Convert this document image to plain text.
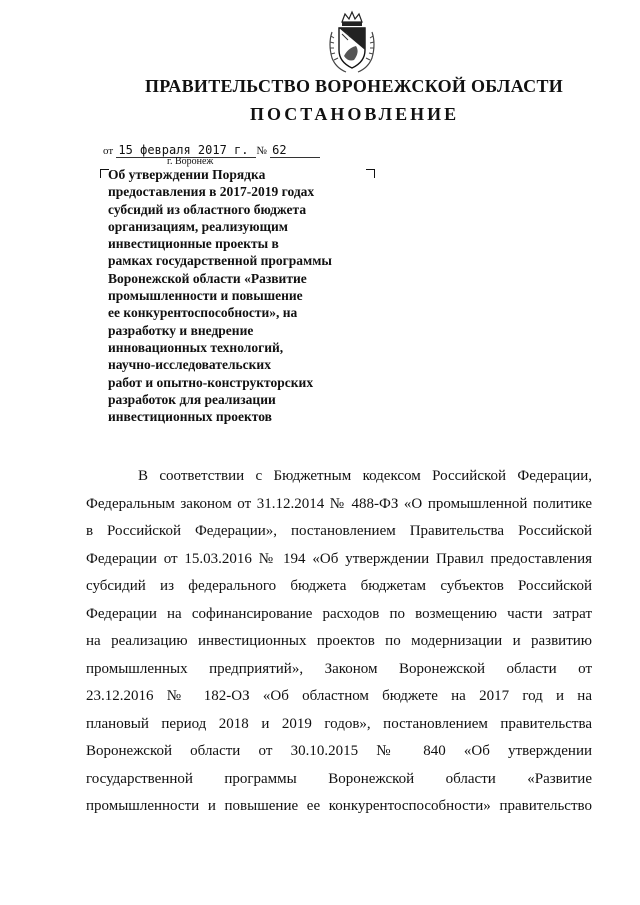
ПРАВИТЕЛЬСТВО ВОРОНЕЖСКОЙ ОБЛАСТИ
ПОСТАНОВЛЕНИЕ
от 15 февраля 2017 г. № 62
г. Воронеж
Об утверждении Порядка
предоставления в 2017-2019 годах
субсидий из областного бюджета
организациям, реализующим
инвестиционные проекты в
рамках государственной программы
Воронежской области «Развитие
промышленности и повышение
ее конкурентоспособности», на
разработку и внедрение
инновационных технологий,
научно-исследовательских
работ и опытно-конструкторских
разработок для реализации
инвестиционных проектов
В соответствии с Бюджетным кодексом Российской Федерации,
Федеральным законом от 31.12.2014 № 488-ФЗ «О промышленной политике
в Российской Федерации», постановлением Правительства Российской
Федерации от 15.03.2016 № 194 «Об утверждении Правил предоставления
субсидий из федерального бюджета бюджетам субъектов Российской
Федерации на софинансирование расходов по возмещению части затрат
на реализацию инвестиционных проектов по модернизации и развитию
промышленных предприятий», Законом Воронежской области от
23.12.2016 № 182-ОЗ «Об областном бюджете на 2017 год и на
плановый период 2018 и 2019 годов», постановлением правительства
Воронежской области от 30.10.2015 № 840 «Об утверждении
государственной программы Воронежской области «Развитие
промышленности и повышение ее конкурентоспособности» правительство
